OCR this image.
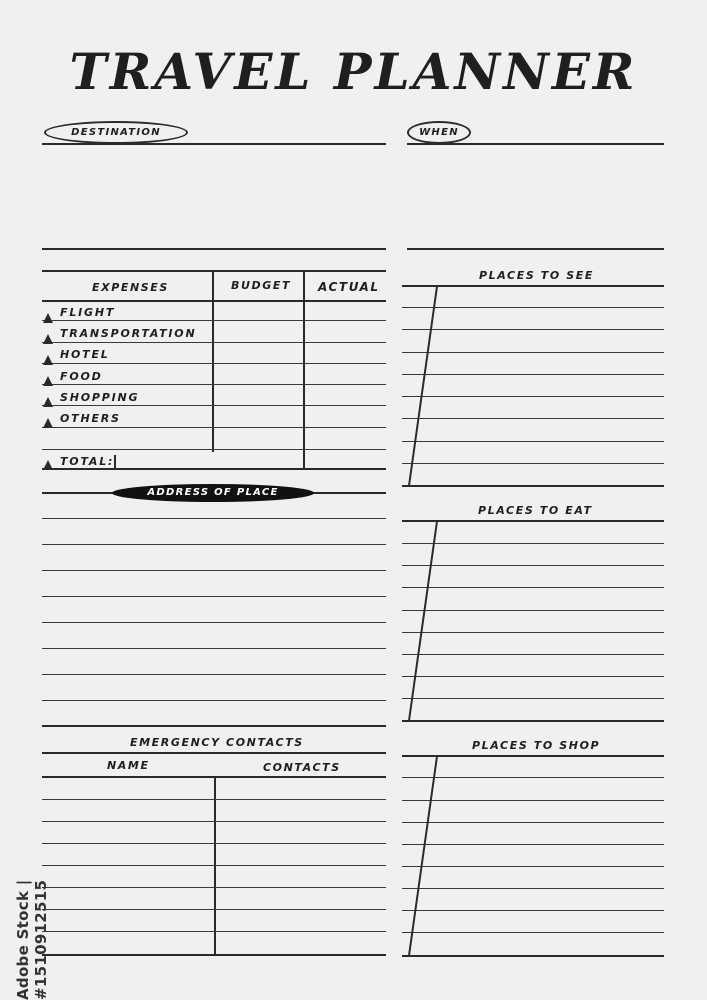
TRAVEL PLANNER
DESTINATION	WHEN
EXPENSES	BUDGET ACTUAL
FLIGHT
TRANSPORTATION
HOTEL
FOOD
SHOPPING
OTHERS
TOTAL:
ADDRESS OF PLACE
EMERGENCY CONTACTS
NAME	CONTACTS
PLACES TO SEE
PLACES TO EAT
PLACES TO SHOP
Adobe Stock | #1510912515
